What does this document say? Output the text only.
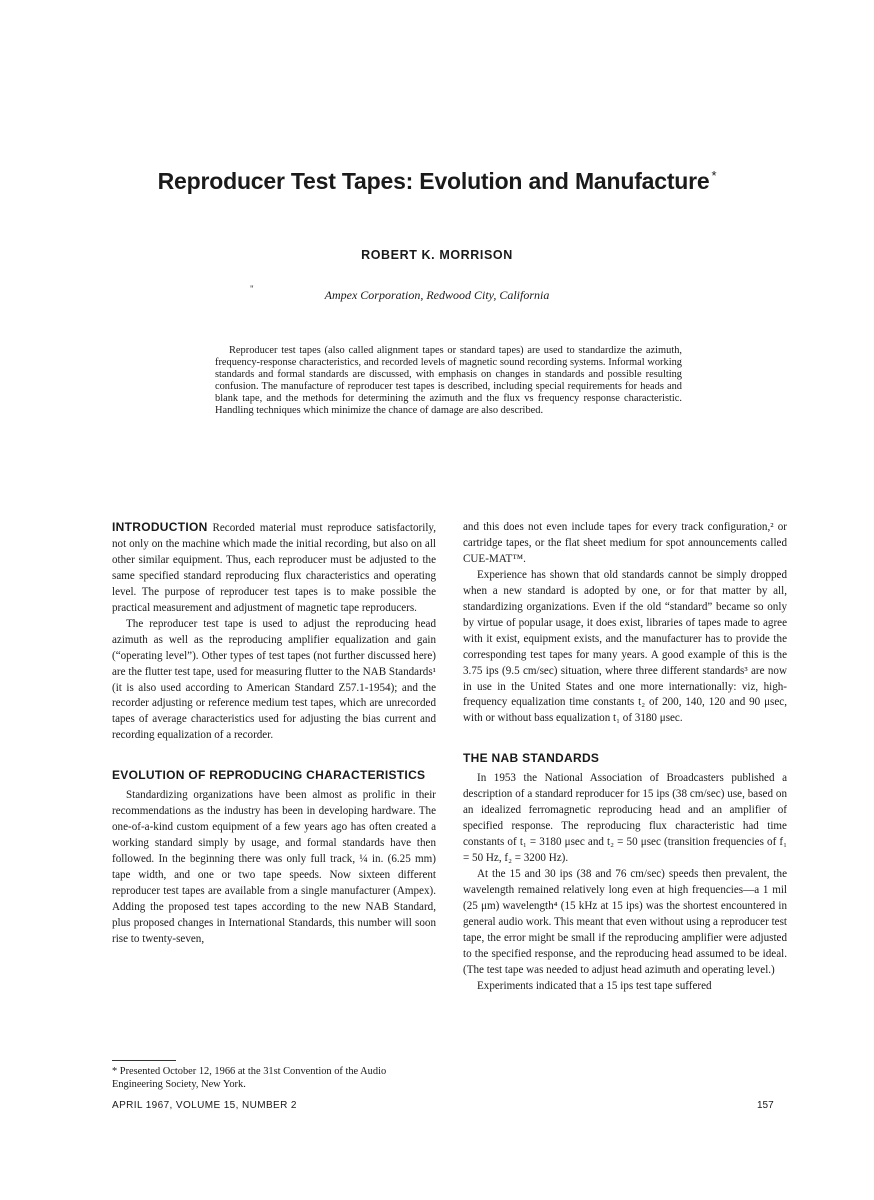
Reproducer Test Tapes: Evolution and Manufacture *
ROBERT K. MORRISON
"	Ampex Corporation, Redwood City, California

Reproducer test tapes (also called alignment tapes or standard tapes) are used to standardize the azimuth, frequency-response characteristics, and recorded levels of magnetic sound recording systems. Informal working standards and formal standards are discussed, with emphasis on changes in standards and possible resulting confusion. The manufacture of reproducer test tapes is described, including special requirements for heads and blank tape, and the methods for determining the azimuth and the flux vs frequency response characteristic. Handling techniques which minimize the chance of damage are also described.

INTRODUCTION Recorded material must reproduce satisfactorily, not only on the machine which made the initial recording, but also on all other similar equipment. Thus, each reproducer must be adjusted to the same specified standard reproducing flux characteristics and operating level. The purpose of reproducer test tapes is to make possible the practical measurement and adjustment of magnetic tape reproducers.

The reproducer test tape is used to adjust the reproducing head azimuth as well as the reproducing amplifier equalization and gain (“operating level”). Other types of test tapes (not further discussed here) are the flutter test tape, used for measuring flutter to the NAB Standards¹ (it is also used according to American Standard Z57.1-1954); and the recorder adjusting or reference medium test tapes, which are unrecorded tapes of average characteristics used for adjusting the bias current and recording equalization of a recorder.

EVOLUTION OF REPRODUCING CHARACTERISTICS

Standardizing organizations have been almost as prolific in their recommendations as the industry has been in developing hardware. The one-of-a-kind custom equipment of a few years ago has often created a working standard simply by usage, and formal standards have then followed. In the beginning there was only full track, ¼ in. (6.25 mm) tape width, and one or two tape speeds. Now sixteen different reproducer test tapes are available from a single manufacturer (Ampex). Adding the proposed test tapes according to the new NAB Standard, plus proposed changes in International Standards, this number will soon rise to twenty-seven,

and this does not even include tapes for every track configuration,² or cartridge tapes, or the flat sheet medium for spot announcements called CUE-MAT™.

Experience has shown that old standards cannot be simply dropped when a new standard is adopted by one, or for that matter by all, standardizing organizations. Even if the old “standard” became so only by virtue of popular usage, it does exist, libraries of tapes made to agree with it exist, equipment exists, and the manufacturer has to provide the corresponding test tapes for many years. A good example of this is the 3.75 ips (9.5 cm/sec) situation, where three different standards³ are now in use in the United States and one more internationally: viz, high-frequency equalization time constants t₂ of 200, 140, 120 and 90 μsec, with or without bass equalization t₁ of 3180 μsec.

THE NAB STANDARDS

In 1953 the National Association of Broadcasters published a description of a standard reproducer for 15 ips (38 cm/sec) use, based on an idealized ferromagnetic reproducing head and an amplifier of specified response. The reproducing flux characteristic had time constants of t₁ = 3180 μsec and t₂ = 50 μsec (transition frequencies of f₁ = 50 Hz, f₂ = 3200 Hz).

At the 15 and 30 ips (38 and 76 cm/sec) speeds then prevalent, the wavelength remained relatively long even at high frequencies—a 1 mil (25 μm) wavelength⁴ (15 kHz at 15 ips) was the shortest encountered in general audio work. This meant that even without using a reproducer test tape, the error might be small if the reproducing amplifier were adjusted to the specified response, and the reproducing head assumed to be ideal. (The test tape was needed to adjust head azimuth and operating level.)

Experiments indicated that a 15 ips test tape suffered

* Presented October 12, 1966 at the 31st Convention of the Audio Engineering Society, New York.
APRIL 1967, VOLUME 15, NUMBER 2	157
